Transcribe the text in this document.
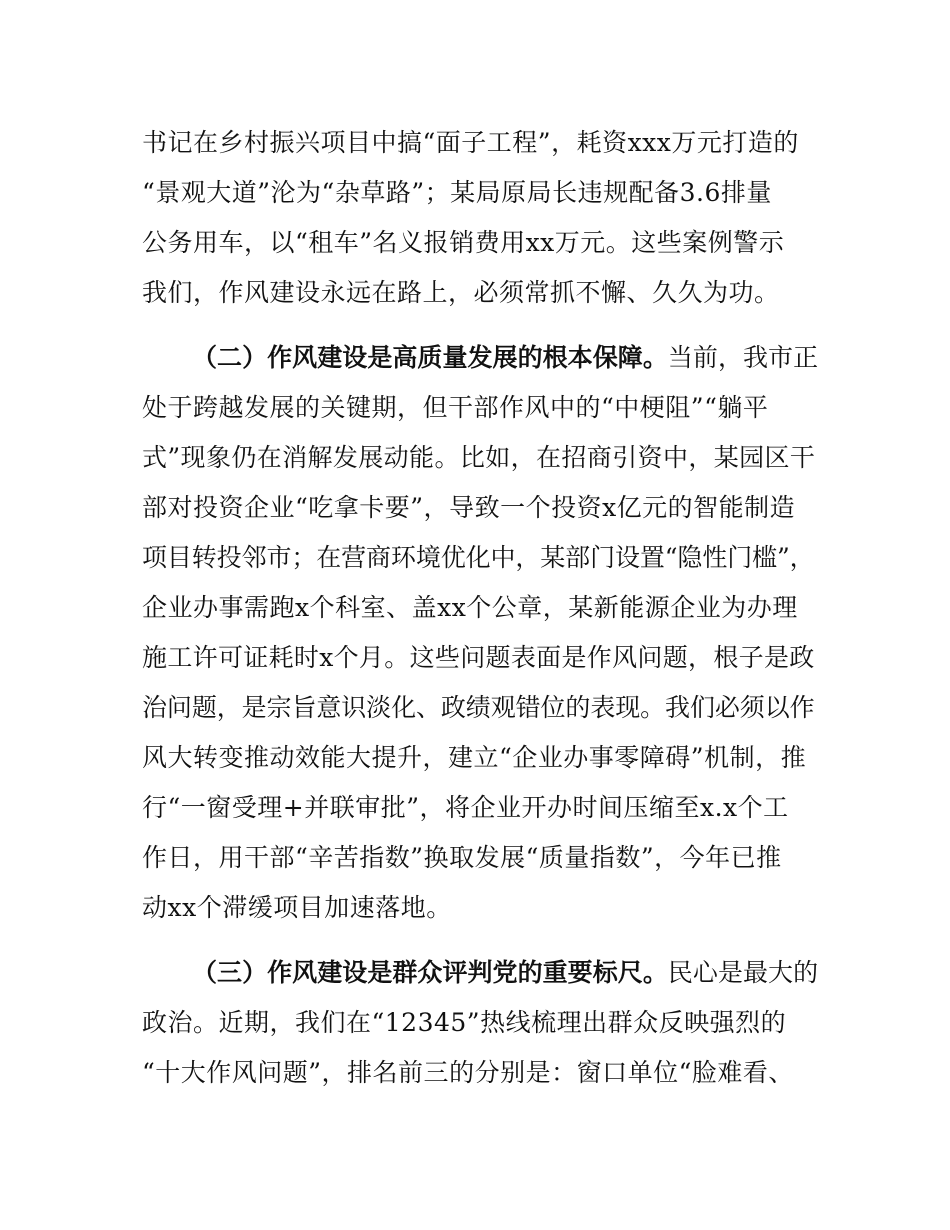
书记在乡村振兴项目中搞“面子工程”，耗资xxx万元打造的
“景观大道”沦为“杂草路”；某局原局长违规配备3.6排量
公务用车，以“租车”名义报销费用xx万元。这些案例警示
我们，作风建设永远在路上，必须常抓不懈、久久为功。
（二）作风建设是高质量发展的根本保障。当前，我市正
处于跨越发展的关键期，但干部作风中的“中梗阻”“躺平
式”现象仍在消解发展动能。比如，在招商引资中，某园区干
部对投资企业“吃拿卡要”，导致一个投资x亿元的智能制造
项目转投邻市；在营商环境优化中，某部门设置“隐性门槛”，
企业办事需跑x个科室、盖xx个公章，某新能源企业为办理
施工许可证耗时x个月。这些问题表面是作风问题，根子是政
治问题，是宗旨意识淡化、政绩观错位的表现。我们必须以作
风大转变推动效能大提升，建立“企业办事零障碍”机制，推
行“一窗受理+并联审批”，将企业开办时间压缩至x.x个工
作日，用干部“辛苦指数”换取发展“质量指数”，今年已推
动xx个滞缓项目加速落地。
（三）作风建设是群众评判党的重要标尺。民心是最大的
政治。近期，我们在“12345”热线梳理出群众反映强烈的
“十大作风问题”，排名前三的分别是：窗口单位“脸难看、
